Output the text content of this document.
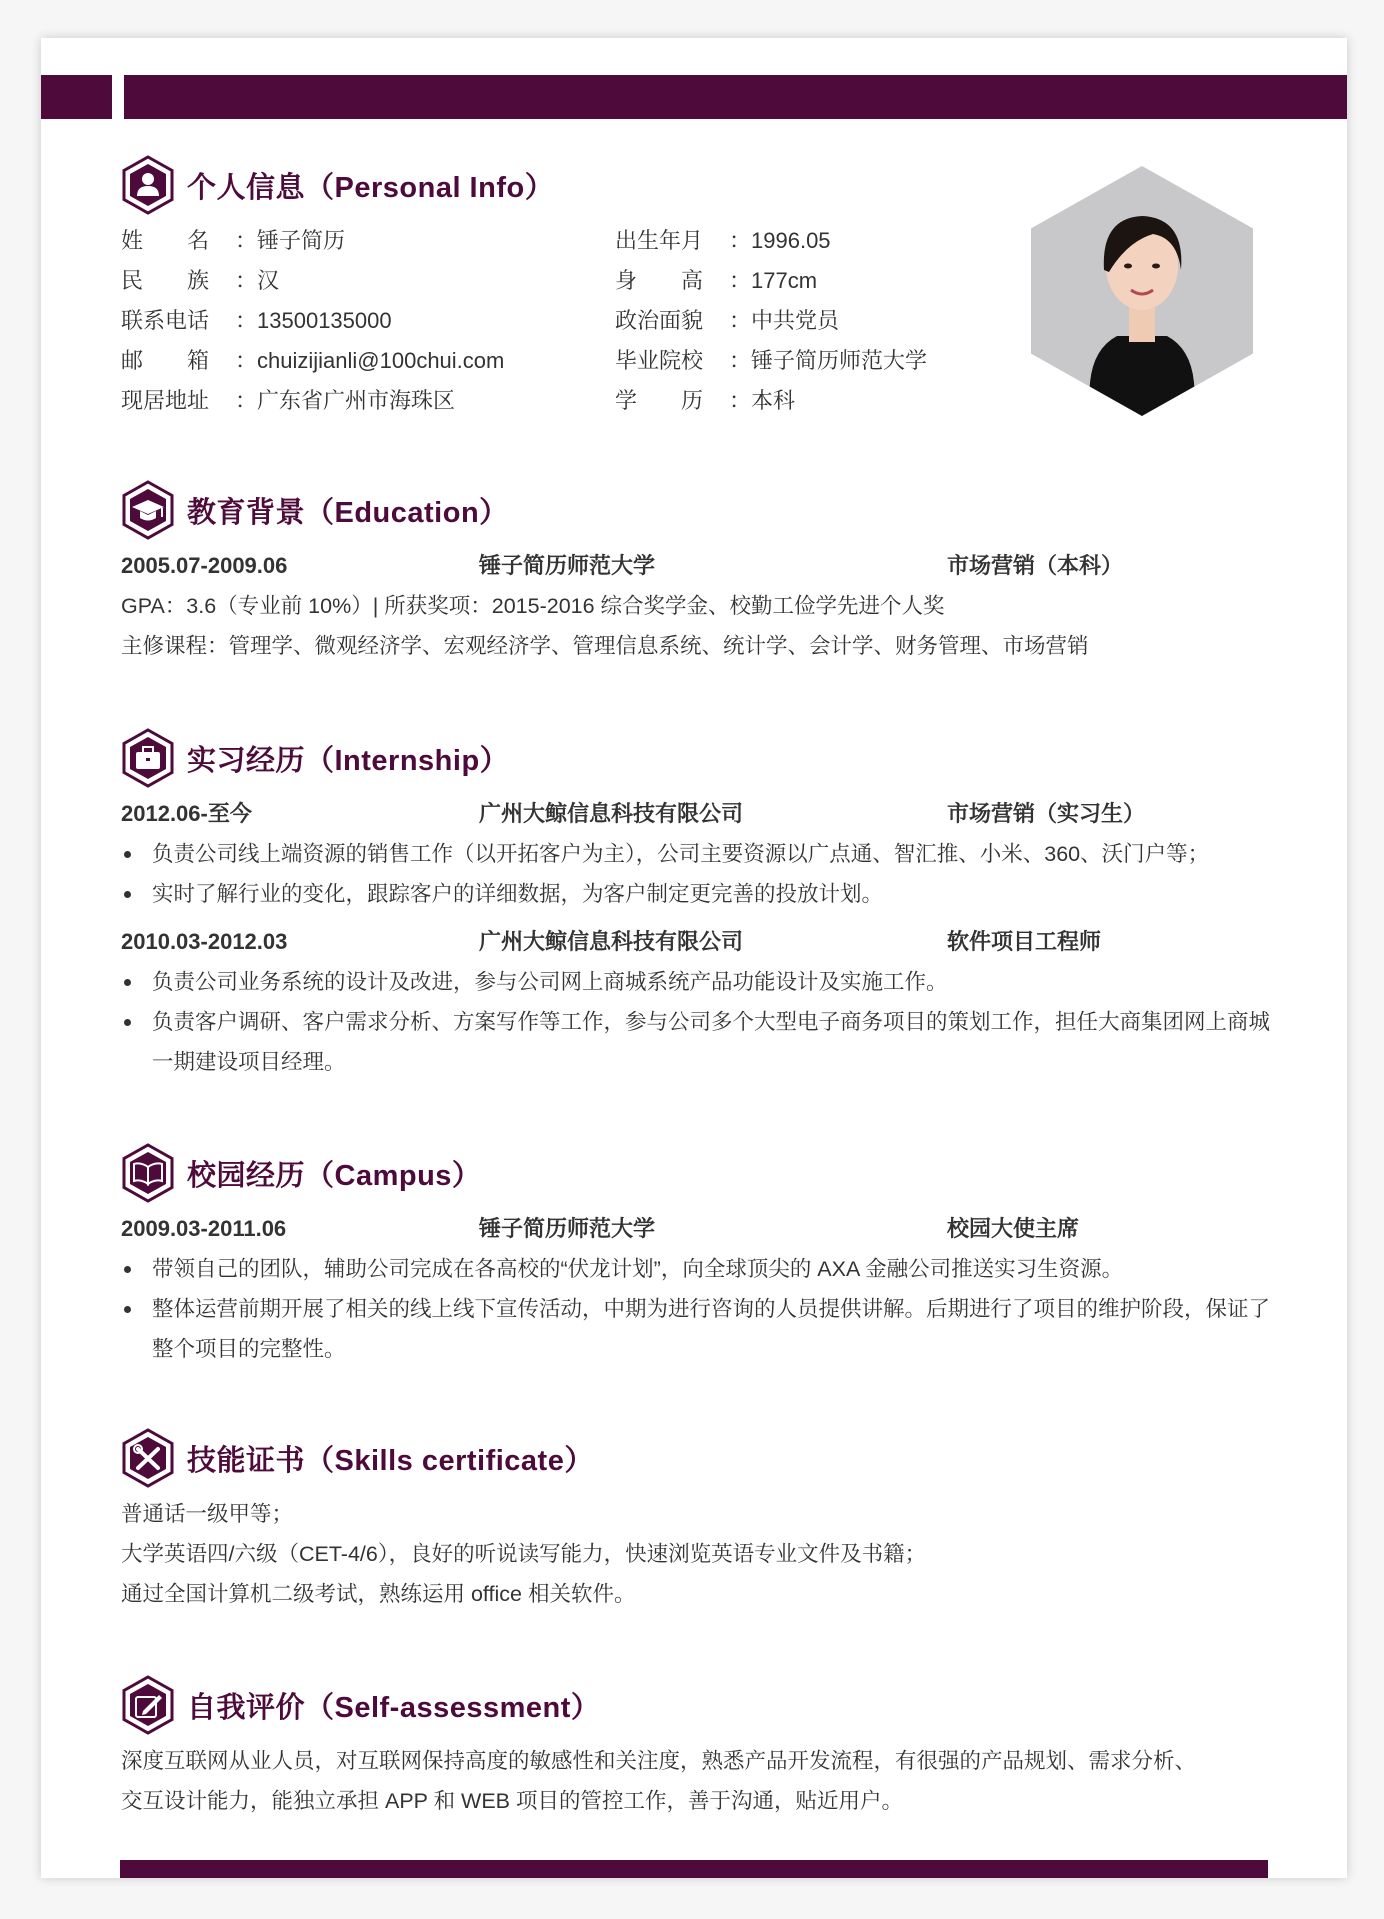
个人信息（Personal Info）
姓　　名 ：锤子简历	出生年月 ：1996.05
民　　族 ：汉	身　　高 ：177cm
联系电话 ：13500135000	政治面貌 ：中共党员
邮　　箱 ：chuizijianli@100chui.com	毕业院校 ：锤子简历师范大学
现居地址 ：广东省广州市海珠区	学　　历 ：本科
教育背景（Education）
2005.07-2009.06	锤子简历师范大学	市场营销（本科）
GPA：3.6（专业前 10%）| 所获奖项：2015-2016 综合奖学金、校勤工俭学先进个人奖
主修课程：管理学、微观经济学、宏观经济学、管理信息系统、统计学、会计学、财务管理、市场营销
实习经历（Internship）
2012.06-至今	广州大鲸信息科技有限公司	市场营销（实习生）
负责公司线上端资源的销售工作（以开拓客户为主），公司主要资源以广点通、智汇推、小米、360、沃门户等；
实时了解行业的变化，跟踪客户的详细数据，为客户制定更完善的投放计划。
2010.03-2012.03	广州大鲸信息科技有限公司	软件项目工程师
负责公司业务系统的设计及改进，参与公司网上商城系统产品功能设计及实施工作。
负责客户调研、客户需求分析、方案写作等工作，参与公司多个大型电子商务项目的策划工作，担任大商集团网上商城一期建设项目经理。
校园经历（Campus）
2009.03-2011.06	锤子简历师范大学	校园大使主席
带领自己的团队，辅助公司完成在各高校的“伏龙计划”，向全球顶尖的 AXA 金融公司推送实习生资源。
整体运营前期开展了相关的线上线下宣传活动，中期为进行咨询的人员提供讲解。后期进行了项目的维护阶段，保证了整个项目的完整性。
技能证书（Skills certificate）
普通话一级甲等；
大学英语四/六级（CET-4/6），良好的听说读写能力，快速浏览英语专业文件及书籍；
通过全国计算机二级考试，熟练运用 office 相关软件。
自我评价（Self-assessment）
深度互联网从业人员，对互联网保持高度的敏感性和关注度，熟悉产品开发流程，有很强的产品规划、需求分析、
交互设计能力，能独立承担 APP 和 WEB 项目的管控工作，善于沟通，贴近用户。
